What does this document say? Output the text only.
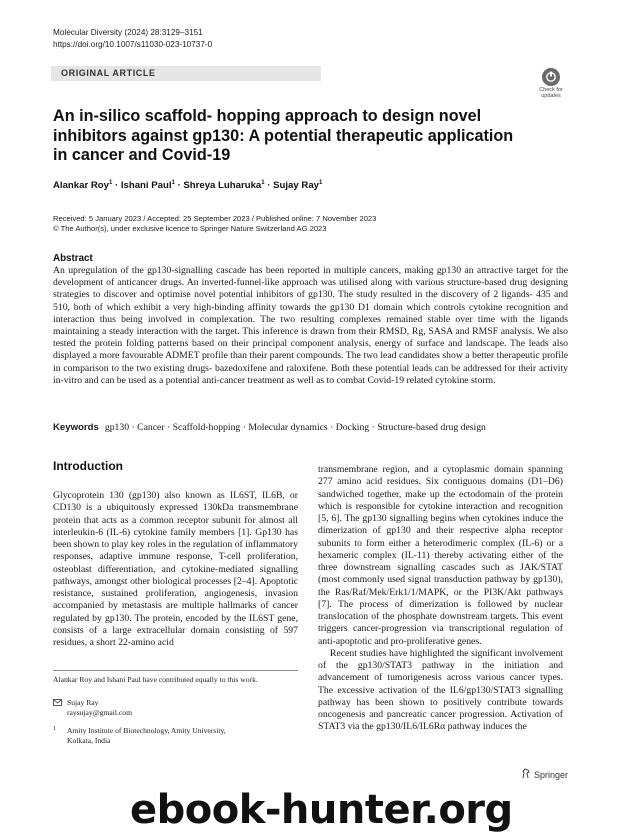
Molecular Diversity (2024) 28:3129–3151
https://doi.org/10.1007/s11030-023-10737-0
ORIGINAL ARTICLE
Check for updates
An in-silico scaffold- hopping approach to design novel inhibitors against gp130: A potential therapeutic application in cancer and Covid-19
Alankar Roy$^1$ · Ishani Paul$^1$ · Shreya Luharuka$^1$ · Sujay Ray$^1$
Received: 5 January 2023 / Accepted: 25 September 2023 / Published online: 7 November 2023
© The Author(s), under exclusive licence to Springer Nature Switzerland AG 2023
Abstract
An upregulation of the gp130-signalling cascade has been reported in multiple cancers, making gp130 an attractive target for the development of anticancer drugs. An inverted-funnel-like approach was utilised along with various structure-based drug designing strategies to discover and optimise novel potential inhibitors of gp130. The study resulted in the discovery of 2 ligands- 435 and 510, both of which exhibit a very high-binding affinity towards the gp130 D1 domain which controls cytokine recognition and interaction thus being involved in complexation. The two resulting complexes remained stable over time with the ligands maintaining a steady interaction with the target. This inference is drawn from their RMSD, Rg, SASA and RMSF analysis. We also tested the protein folding patterns based on their principal component analysis, energy of surface and landscape. The leads also displayed a more favourable ADMET profile than their parent compounds. The two lead candidates show a better therapeutic profile in comparison to the two existing drugs- bazedoxifene and raloxifene. Both these potential leads can be addressed for their activity in-vitro and can be used as a potential anti-cancer treatment as well as to combat Covid-19 related cytokine storm.
Keywords gp130 · Cancer · Scaffold-hopping · Molecular dynamics · Docking · Structure-based drug design
Introduction

Glycoprotein 130 (gp130) also known as IL6ST, IL6B, or CD130 is a ubiquitously expressed 130kDa transmembrane protein that acts as a common receptor subunit for almost all interleukin-6 (IL-6) cytokine family members [1]. Gp130 has been shown to play key roles in the regulation of inflammatory responses, adaptive immune response, T-cell proliferation, osteoblast differentiation, and cytokine-mediated signalling pathways, amongst other biological processes [2–4]. Apoptotic resistance, sustained proliferation, angiogenesis, invasion accompanied by metastasis are multiple hallmarks of cancer regulated by gp130. The protein, encoded by the IL6ST gene, consists of a large extracellular domain consisting of 597 residues, a short 22-amino acid

transmembrane region, and a cytoplasmic domain spanning 277 amino acid residues. Six contiguous domains (D1–D6) sandwiched together, make up the ectodomain of the protein which is responsible for cytokine interaction and recognition [5, 6]. The gp130 signalling begins when cytokines induce the dimerization of gp130 and their respective alpha receptor subunits to form either a heterodimeric complex (IL-6) or a hexameric complex (IL-11) thereby activating either of the three downstream signalling cascades such as JAK/STAT (most commonly used signal transduction pathway by gp130), the Ras/Raf/Mek/Erk1/1/MAPK, or the PI3K/Akt pathways [7]. The process of dimerization is followed by nuclear translocation of the phosphate downstream targets. This event triggers cancer-progression via transcriptional regulation of anti-apoptotic and pro-proliferative genes.

Recent studies have highlighted the significant involvement of the gp130/STAT3 pathway in the initiation and advancement of tumorigenesis across various cancer types. The excessive activation of the IL6/gp130/STAT3 signalling pathway has been shown to positively contribute towards oncogenesis and pancreatic cancer progression. Activation of STAT3 via the gp130/IL6/IL6Rα pathway induces the

Alankar Roy and Ishani Paul have contributed equally to this work.
Sujay Ray
raysujay@gmail.com
1 Amity Institute of Biotechnology, Amity University,
Kolkata, India
Springer
ebook-hunter.org
